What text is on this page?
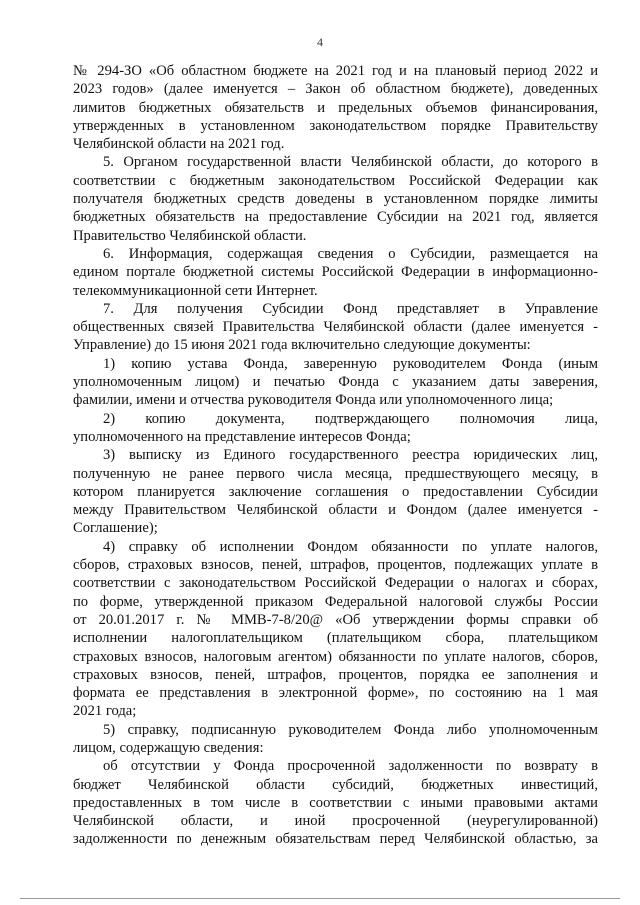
4
№ 294-ЗО «Об областном бюджете на 2021 год и на плановый период 2022 и
2023 годов» (далее именуется – Закон об областном бюджете), доведенных
лимитов бюджетных обязательств и предельных объемов финансирования,
утвержденных в установленном законодательством порядке Правительству
Челябинской области на 2021 год.
5. Органом государственной власти Челябинской области, до которого в
соответствии с бюджетным законодательством Российской Федерации как
получателя бюджетных средств доведены в установленном порядке лимиты
бюджетных обязательств на предоставление Субсидии на 2021 год, является
Правительство Челябинской области.
6. Информация, содержащая сведения о Субсидии, размещается на
едином портале бюджетной системы Российской Федерации в информационно-
телекоммуникационной сети Интернет.
7. Для получения Субсидии Фонд представляет в Управление
общественных связей Правительства Челябинской области (далее именуется -
Управление) до 15 июня 2021 года включительно следующие документы:
1) копию устава Фонда, заверенную руководителем Фонда (иным
уполномоченным лицом) и печатью Фонда с указанием даты заверения,
фамилии, имени и отчества руководителя Фонда или уполномоченного лица;
2) копию документа, подтверждающего полномочия лица,
уполномоченного на представление интересов Фонда;
3) выписку из Единого государственного реестра юридических лиц,
полученную не ранее первого числа месяца, предшествующего месяцу, в
котором планируется заключение соглашения о предоставлении Субсидии
между Правительством Челябинской области и Фондом (далее именуется -
Соглашение);
4) справку об исполнении Фондом обязанности по уплате налогов,
сборов, страховых взносов, пеней, штрафов, процентов, подлежащих уплате в
соответствии с законодательством Российской Федерации о налогах и сборах,
по форме, утвержденной приказом Федеральной налоговой службы России
от 20.01.2017 г. № ММВ-7-8/20@ «Об утверждении формы справки об
исполнении налогоплательщиком (плательщиком сбора, плательщиком
страховых взносов, налоговым агентом) обязанности по уплате налогов, сборов,
страховых взносов, пеней, штрафов, процентов, порядка ее заполнения и
формата ее представления в электронной форме», по состоянию на 1 мая
2021 года;
5) справку, подписанную руководителем Фонда либо уполномоченным
лицом, содержащую сведения:
об отсутствии у Фонда просроченной задолженности по возврату в
бюджет Челябинской области субсидий, бюджетных инвестиций,
предоставленных в том числе в соответствии с иными правовыми актами
Челябинской области, и иной просроченной (неурегулированной)
задолженности по денежным обязательствам перед Челябинской областью, за
